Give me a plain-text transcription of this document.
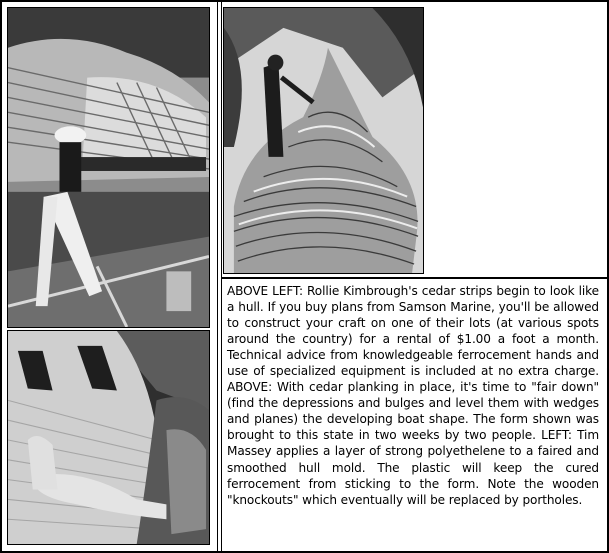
ABOVE LEFT: Rollie Kimbrough's cedar strips begin to look like a hull. If you buy plans from Samson Marine, you'll be allowed to construct your craft on one of their lots (at various spots around the country) for a rental of $1.00 a foot a month. Technical advice from knowledgeable ferrocement hands and use of specialized equipment is included at no extra charge. ABOVE: With cedar planking in place, it's time to "fair down" (find the depressions and bulges and level them with wedges and planes) the developing boat shape. The form shown was brought to this state in two weeks by two people. LEFT: Tim Massey applies a layer of strong polyethelene to a faired and smoothed hull mold. The plastic will keep the cured ferrocement from sticking to the form. Note the wooden "knockouts" which eventually will be replaced by portholes.
